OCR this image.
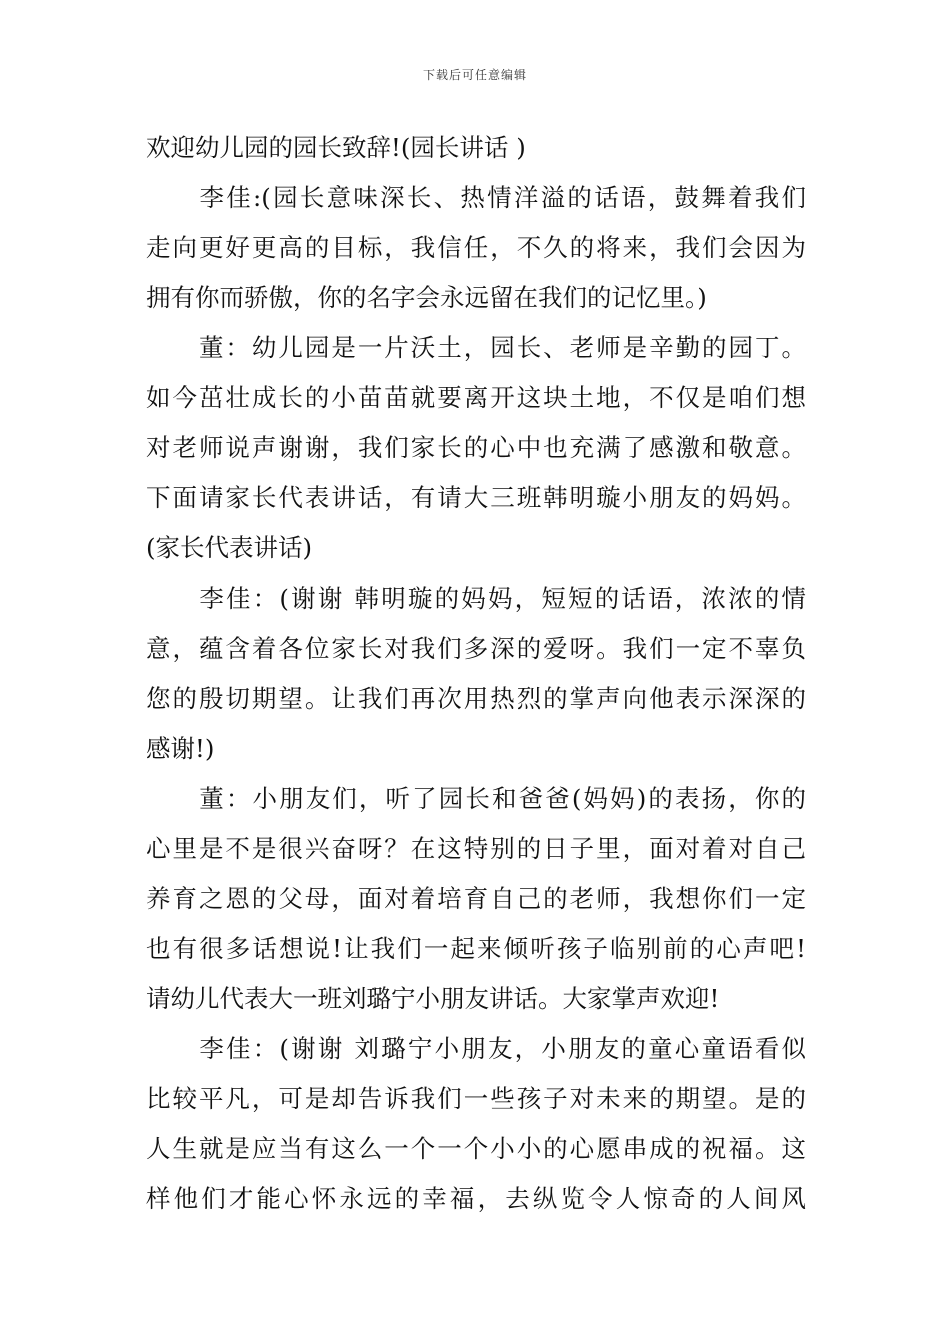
下载后可任意编辑
欢迎幼儿园的园长致辞!(园长讲话 )
　　李佳:(园长意味深长、热情洋溢的话语，鼓舞着我们
走向更好更高的目标，我信任，不久的将来，我们会因为
拥有你而骄傲，你的名字会永远留在我们的记忆里。)
　　董：幼儿园是一片沃土，园长、老师是辛勤的园丁。
如今茁壮成长的小苗苗就要离开这块土地，不仅是咱们想
对老师说声谢谢，我们家长的心中也充满了感激和敬意。
下面请家长代表讲话，有请大三班韩明璇小朋友的妈妈。
(家长代表讲话)
　　李佳：(谢谢 韩明璇的妈妈，短短的话语，浓浓的情
意，蕴含着各位家长对我们多深的爱呀。我们一定不辜负
您的殷切期望。让我们再次用热烈的掌声向他表示深深的
感谢!)
　　董：小朋友们，听了园长和爸爸(妈妈)的表扬，你的
心里是不是很兴奋呀？在这特别的日子里，面对着对自己
养育之恩的父母，面对着培育自己的老师，我想你们一定
也有很多话想说!让我们一起来倾听孩子临别前的心声吧!
请幼儿代表大一班刘璐宁小朋友讲话。大家掌声欢迎!
　　李佳：(谢谢 刘璐宁小朋友，小朋友的童心童语看似
比较平凡，可是却告诉我们一些孩子对未来的期望。是的
人生就是应当有这么一个一个小小的心愿串成的祝福。这
样他们才能心怀永远的幸福，去纵览令人惊奇的人间风
